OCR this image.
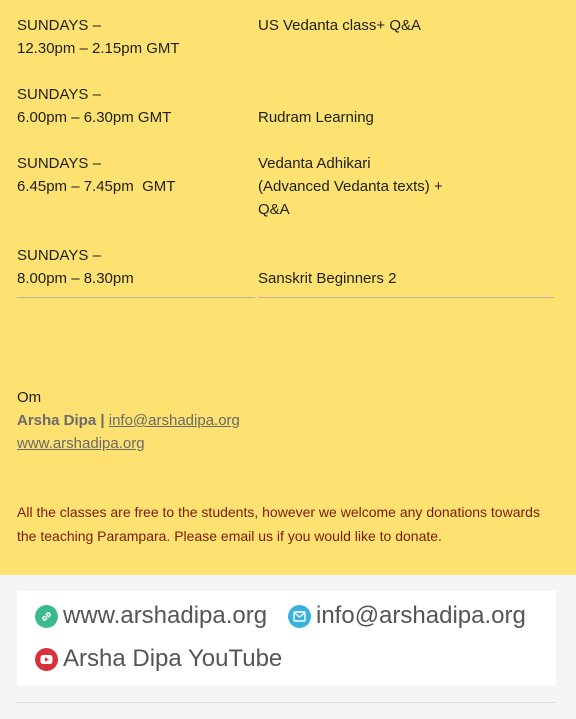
SUNDAYS –
12.30pm – 2.15pm GMT
US Vedanta class+ Q&A
SUNDAYS –
6.00pm – 6.30pm GMT	Rudram Learning
SUNDAYS –
6.45pm – 7.45pm  GMT
Vedanta Adhikari
(Advanced Vedanta texts) +
Q&A
SUNDAYS –
8.00pm – 8.30pm	Sanskrit Beginners 2
Om
Arsha Dipa | info@arshadipa.org
www.arshadipa.org
All the classes are free to the students, however we welcome any donations towards the teaching Parampara. Please email us if you would like to donate.
www.arshadipa.org info@arshadipa.org
Arsha Dipa YouTube
